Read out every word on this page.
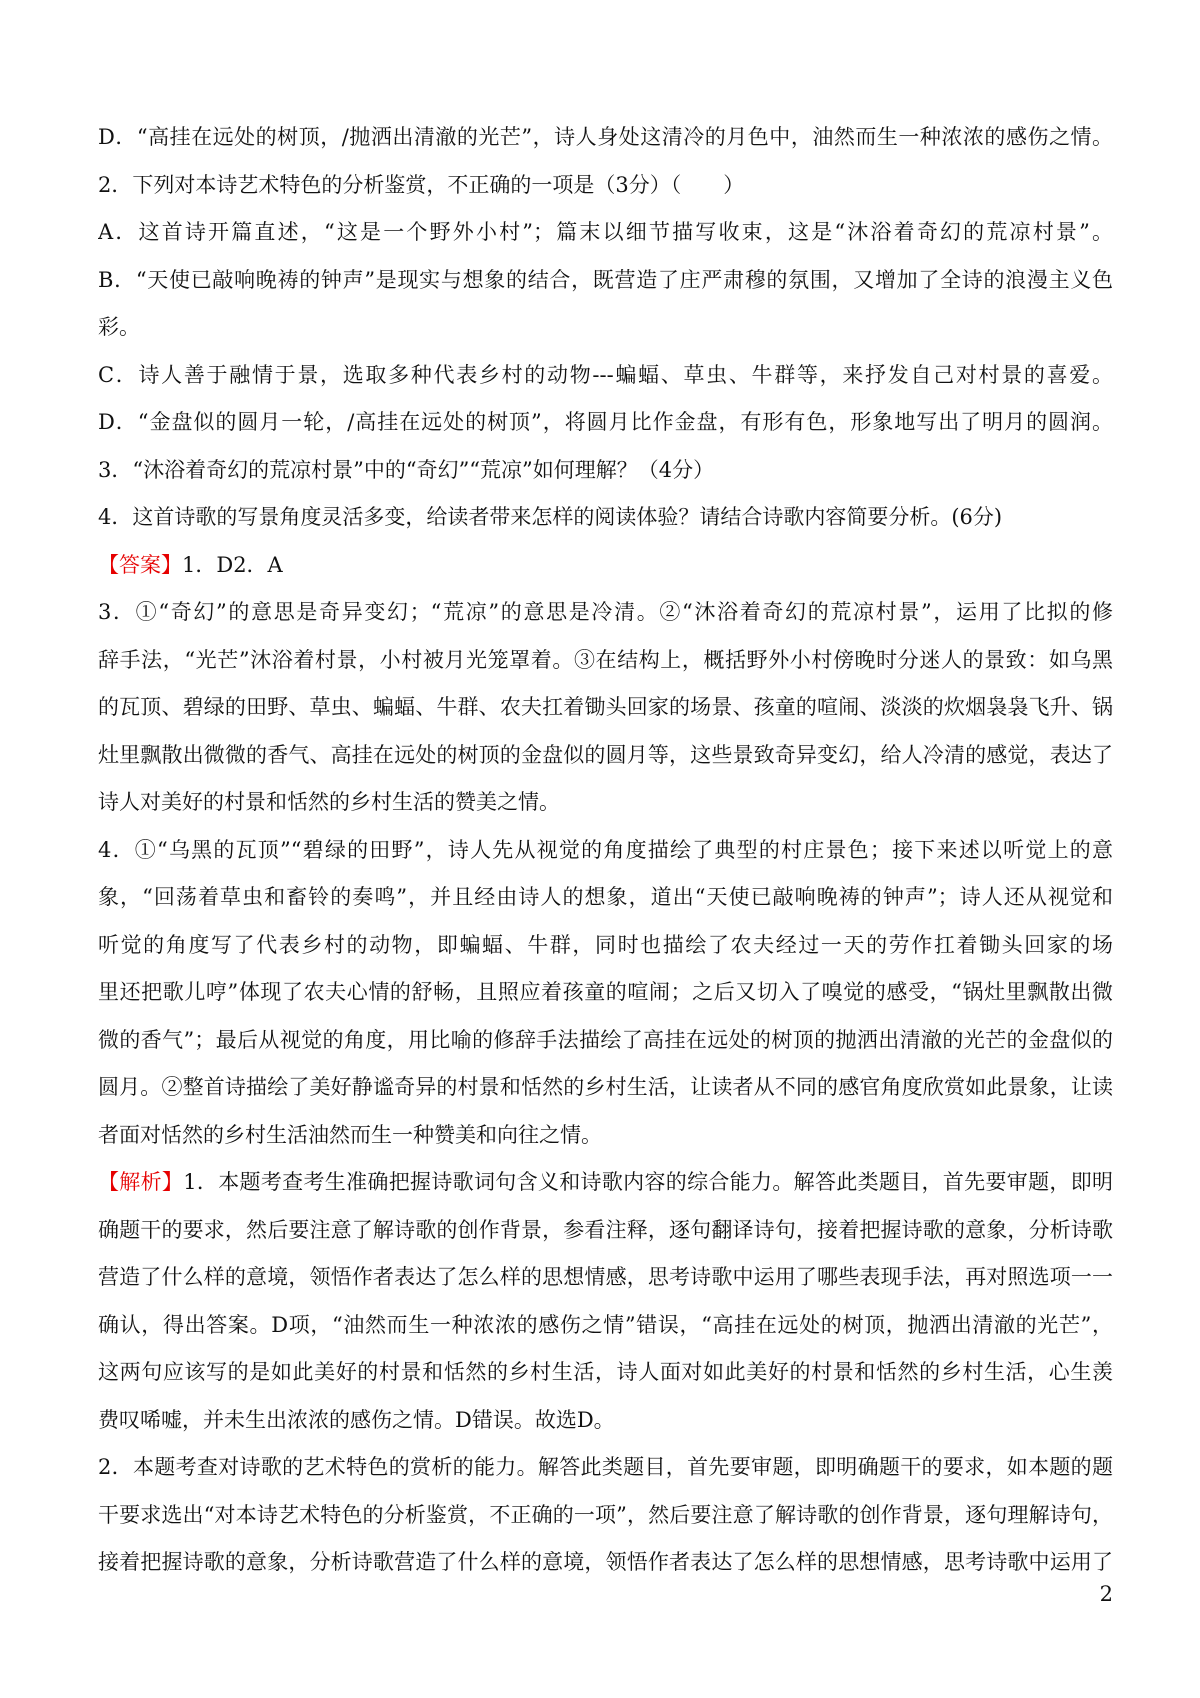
D．“高挂在远处的树顶，/抛洒出清澈的光芒”，诗人身处这清冷的月色中，油然而生一种浓浓的感伤之情。
2．下列对本诗艺术特色的分析鉴赏，不正确的一项是（3分）（　　）
A．这首诗开篇直述，“这是一个野外小村”；篇末以细节描写收束，这是“沐浴着奇幻的荒凉村景”。
B．“天使已敲响晚祷的钟声”是现实与想象的结合，既营造了庄严肃穆的氛围，又增加了全诗的浪漫主义色
彩。
C．诗人善于融情于景，选取多种代表乡村的动物---蝙蝠、草虫、牛群等，来抒发自己对村景的喜爱。
D．“金盘似的圆月一轮，/高挂在远处的树顶”，将圆月比作金盘，有形有色，形象地写出了明月的圆润。
3．“沐浴着奇幻的荒凉村景”中的“奇幻”“荒凉”如何理解？（4分）
4．这首诗歌的写景角度灵活多变，给读者带来怎样的阅读体验？请结合诗歌内容简要分析。(6分)
【答案】1．D2．A
3．①“奇幻”的意思是奇异变幻；“荒凉”的意思是冷清。②“沐浴着奇幻的荒凉村景”，运用了比拟的修
辞手法，“光芒”沐浴着村景，小村被月光笼罩着。③在结构上，概括野外小村傍晚时分迷人的景致：如乌黑
的瓦顶、碧绿的田野、草虫、蝙蝠、牛群、农夫扛着锄头回家的场景、孩童的喧闹、淡淡的炊烟袅袅飞升、锅
灶里飘散出微微的香气、高挂在远处的树顶的金盘似的圆月等，这些景致奇异变幻，给人冷清的感觉，表达了
诗人对美好的村景和恬然的乡村生活的赞美之情。
4．①“乌黑的瓦顶”“碧绿的田野”，诗人先从视觉的角度描绘了典型的村庄景色；接下来述以听觉上的意
象，“回荡着草虫和畜铃的奏鸣”，并且经由诗人的想象，道出“天使已敲响晚祷的钟声”；诗人还从视觉和
听觉的角度写了代表乡村的动物，即蝙蝠、牛群，同时也描绘了农夫经过一天的劳作扛着锄头回家的场
里还把歌儿哼”体现了农夫心情的舒畅，且照应着孩童的喧闹；之后又切入了嗅觉的感受，“锅灶里飘散出微
微的香气”；最后从视觉的角度，用比喻的修辞手法描绘了高挂在远处的树顶的抛洒出清澈的光芒的金盘似的
圆月。②整首诗描绘了美好静谧奇异的村景和恬然的乡村生活，让读者从不同的感官角度欣赏如此景象，让读
者面对恬然的乡村生活油然而生一种赞美和向往之情。
【解析】1．本题考查考生准确把握诗歌词句含义和诗歌内容的综合能力。解答此类题目，首先要审题，即明
确题干的要求，然后要注意了解诗歌的创作背景，参看注释，逐句翻译诗句，接着把握诗歌的意象，分析诗歌
营造了什么样的意境，领悟作者表达了怎么样的思想情感，思考诗歌中运用了哪些表现手法，再对照选项一一
确认，得出答案。D项，“油然而生一种浓浓的感伤之情”错误，“高挂在远处的树顶，抛洒出清澈的光芒”，
这两句应该写的是如此美好的村景和恬然的乡村生活，诗人面对如此美好的村景和恬然的乡村生活，心生羡
费叹唏嘘，并未生出浓浓的感伤之情。D错误。故选D。
2．本题考查对诗歌的艺术特色的赏析的能力。解答此类题目，首先要审题，即明确题干的要求，如本题的题
干要求选出“对本诗艺术特色的分析鉴赏，不正确的一项”，然后要注意了解诗歌的创作背景，逐句理解诗句，
接着把握诗歌的意象，分析诗歌营造了什么样的意境，领悟作者表达了怎么样的思想情感，思考诗歌中运用了
2
